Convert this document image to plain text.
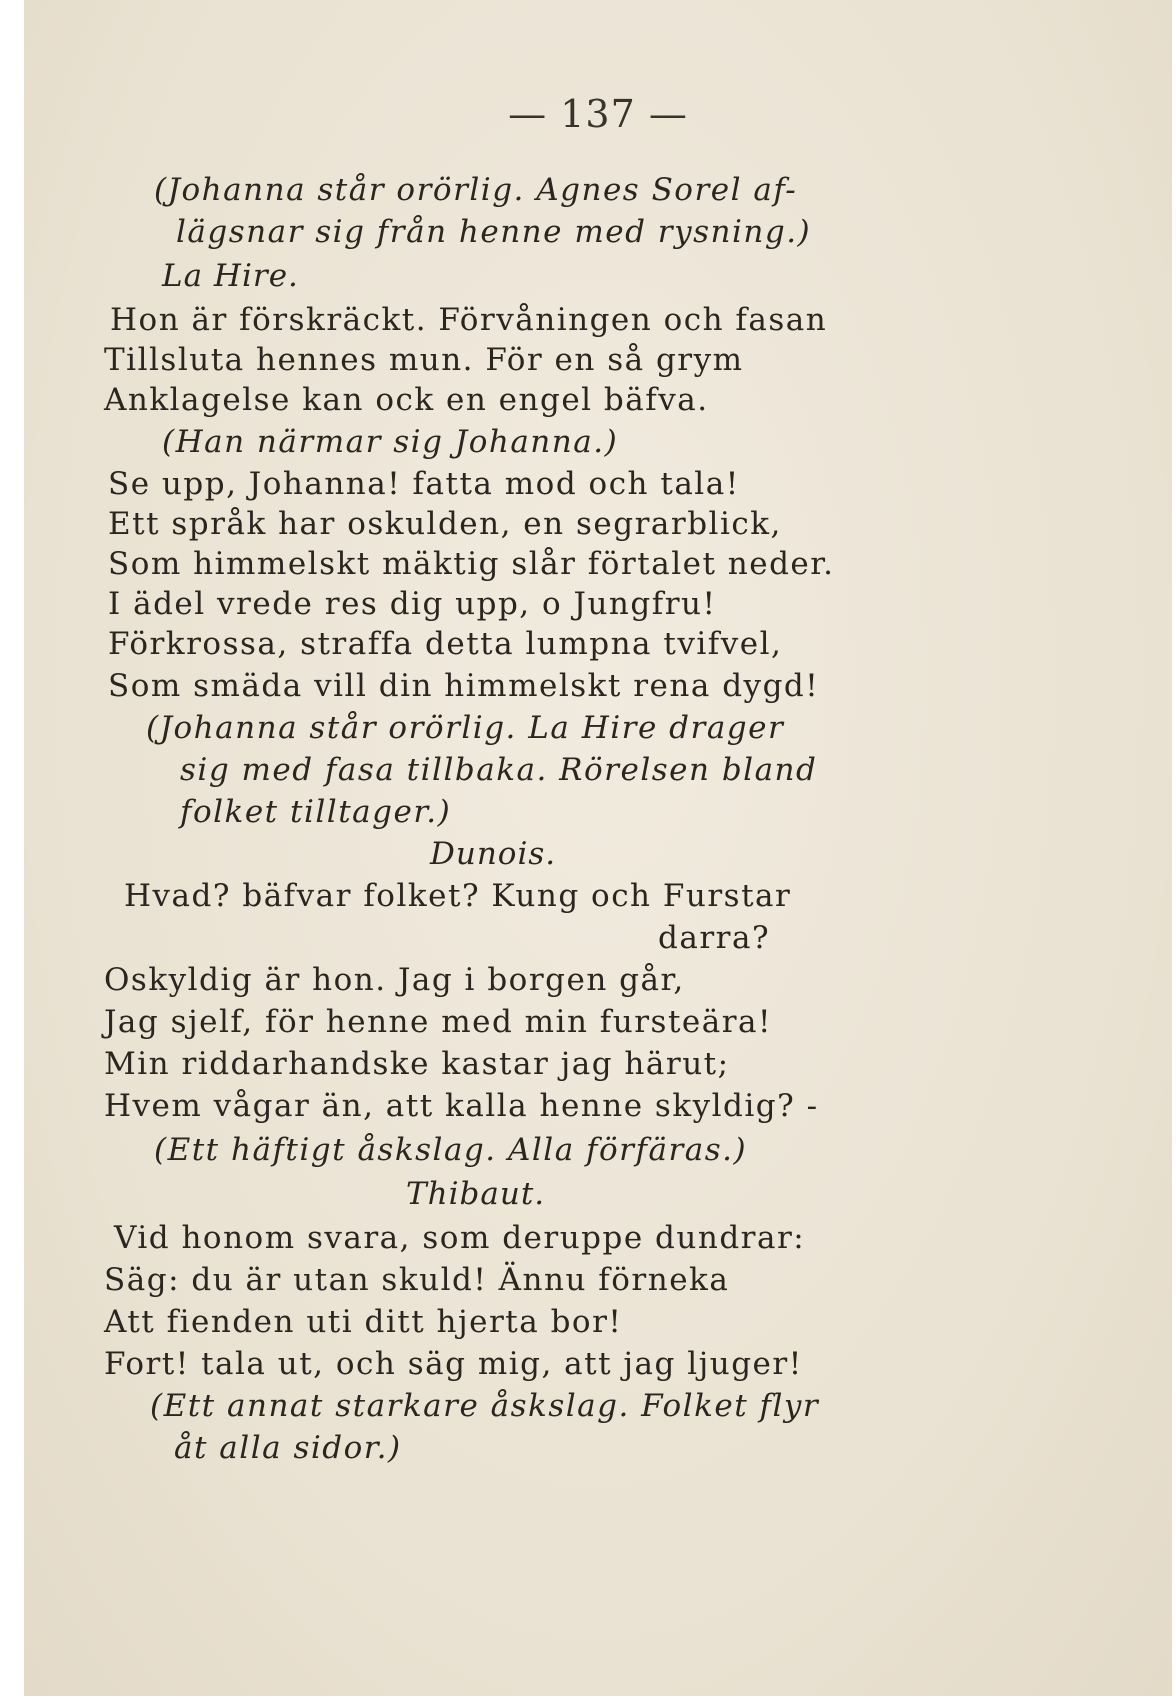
— 137 —
(Johanna står orörlig. Agnes Sorel af-
lägsnar sig från henne med rysning.)
La Hire.
Hon är förskräckt. Förvåningen och fasan
Tillsluta hennes mun. För en så grym
Anklagelse kan ock en engel bäfva.
(Han närmar sig Johanna.)
Se upp, Johanna! fatta mod och tala!
Ett språk har oskulden, en segrarblick,
Som himmelskt mäktig slår förtalet neder.
I ädel vrede res dig upp, o Jungfru!
Förkrossa, straffa detta lumpna tvifvel,
Som smäda vill din himmelskt rena dygd!
(Johanna står orörlig. La Hire drager
sig med fasa tillbaka. Rörelsen bland
folket tilltager.)
Dunois.
Hvad? bäfvar folket? Kung och Furstar
darra?
Oskyldig är hon. Jag i borgen går,
Jag sjelf, för henne med min fursteära!
Min riddarhandske kastar jag härut;
Hvem vågar än, att kalla henne skyldig? -
(Ett häftigt åskslag. Alla förfäras.)
Thibaut.
Vid honom svara, som deruppe dundrar:
Säg: du är utan skuld! Ännu förneka
Att fienden uti ditt hjerta bor!
Fort! tala ut, och säg mig, att jag ljuger!
(Ett annat starkare åskslag. Folket flyr
åt alla sidor.)
